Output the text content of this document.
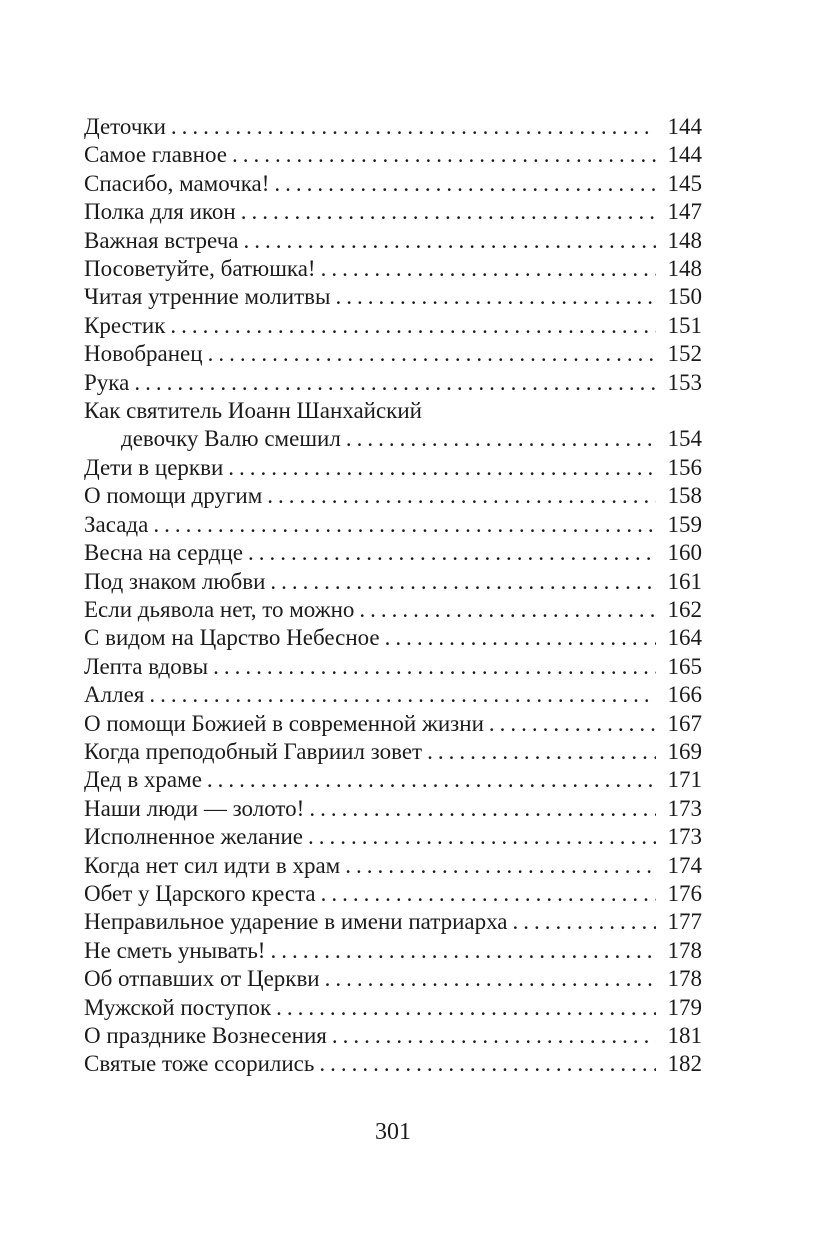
Деточки .....	144
Самое главное .....	144
Спасибо, мамочка! .....	145
Полка для икон .....	147
Важная встреча .....	148
Посоветуйте, батюшка! .....	148
Читая утренние молитвы .....	150
Крестик .....	151
Новобранец .....	152
Рука .....	153
Как святитель Иоанн Шанхайский
девочку Валю смешил .....	154
Дети в церкви .....	156
О помощи другим .....	158
Засада .....	159
Весна на сердце .....	160
Под знаком любви .....	161
Если дьявола нет, то можно .....	162
С видом на Царство Небесное .....	164
Лепта вдовы .....	165
Аллея .....	166
О помощи Божией в современной жизни .....	167
Когда преподобный Гавриил зовет .....	169
Дед в храме .....	171
Наши люди — золото! .....	173
Исполненное желание .....	173
Когда нет сил идти в храм .....	174
Обет у Царского креста .....	176
Неправильное ударение в имени патриарха .....	177
Не сметь унывать! .....	178
Об отпавших от Церкви .....	178
Мужской поступок .....	179
О празднике Вознесения .....	181
Святые тоже ссорились .....	182
301
